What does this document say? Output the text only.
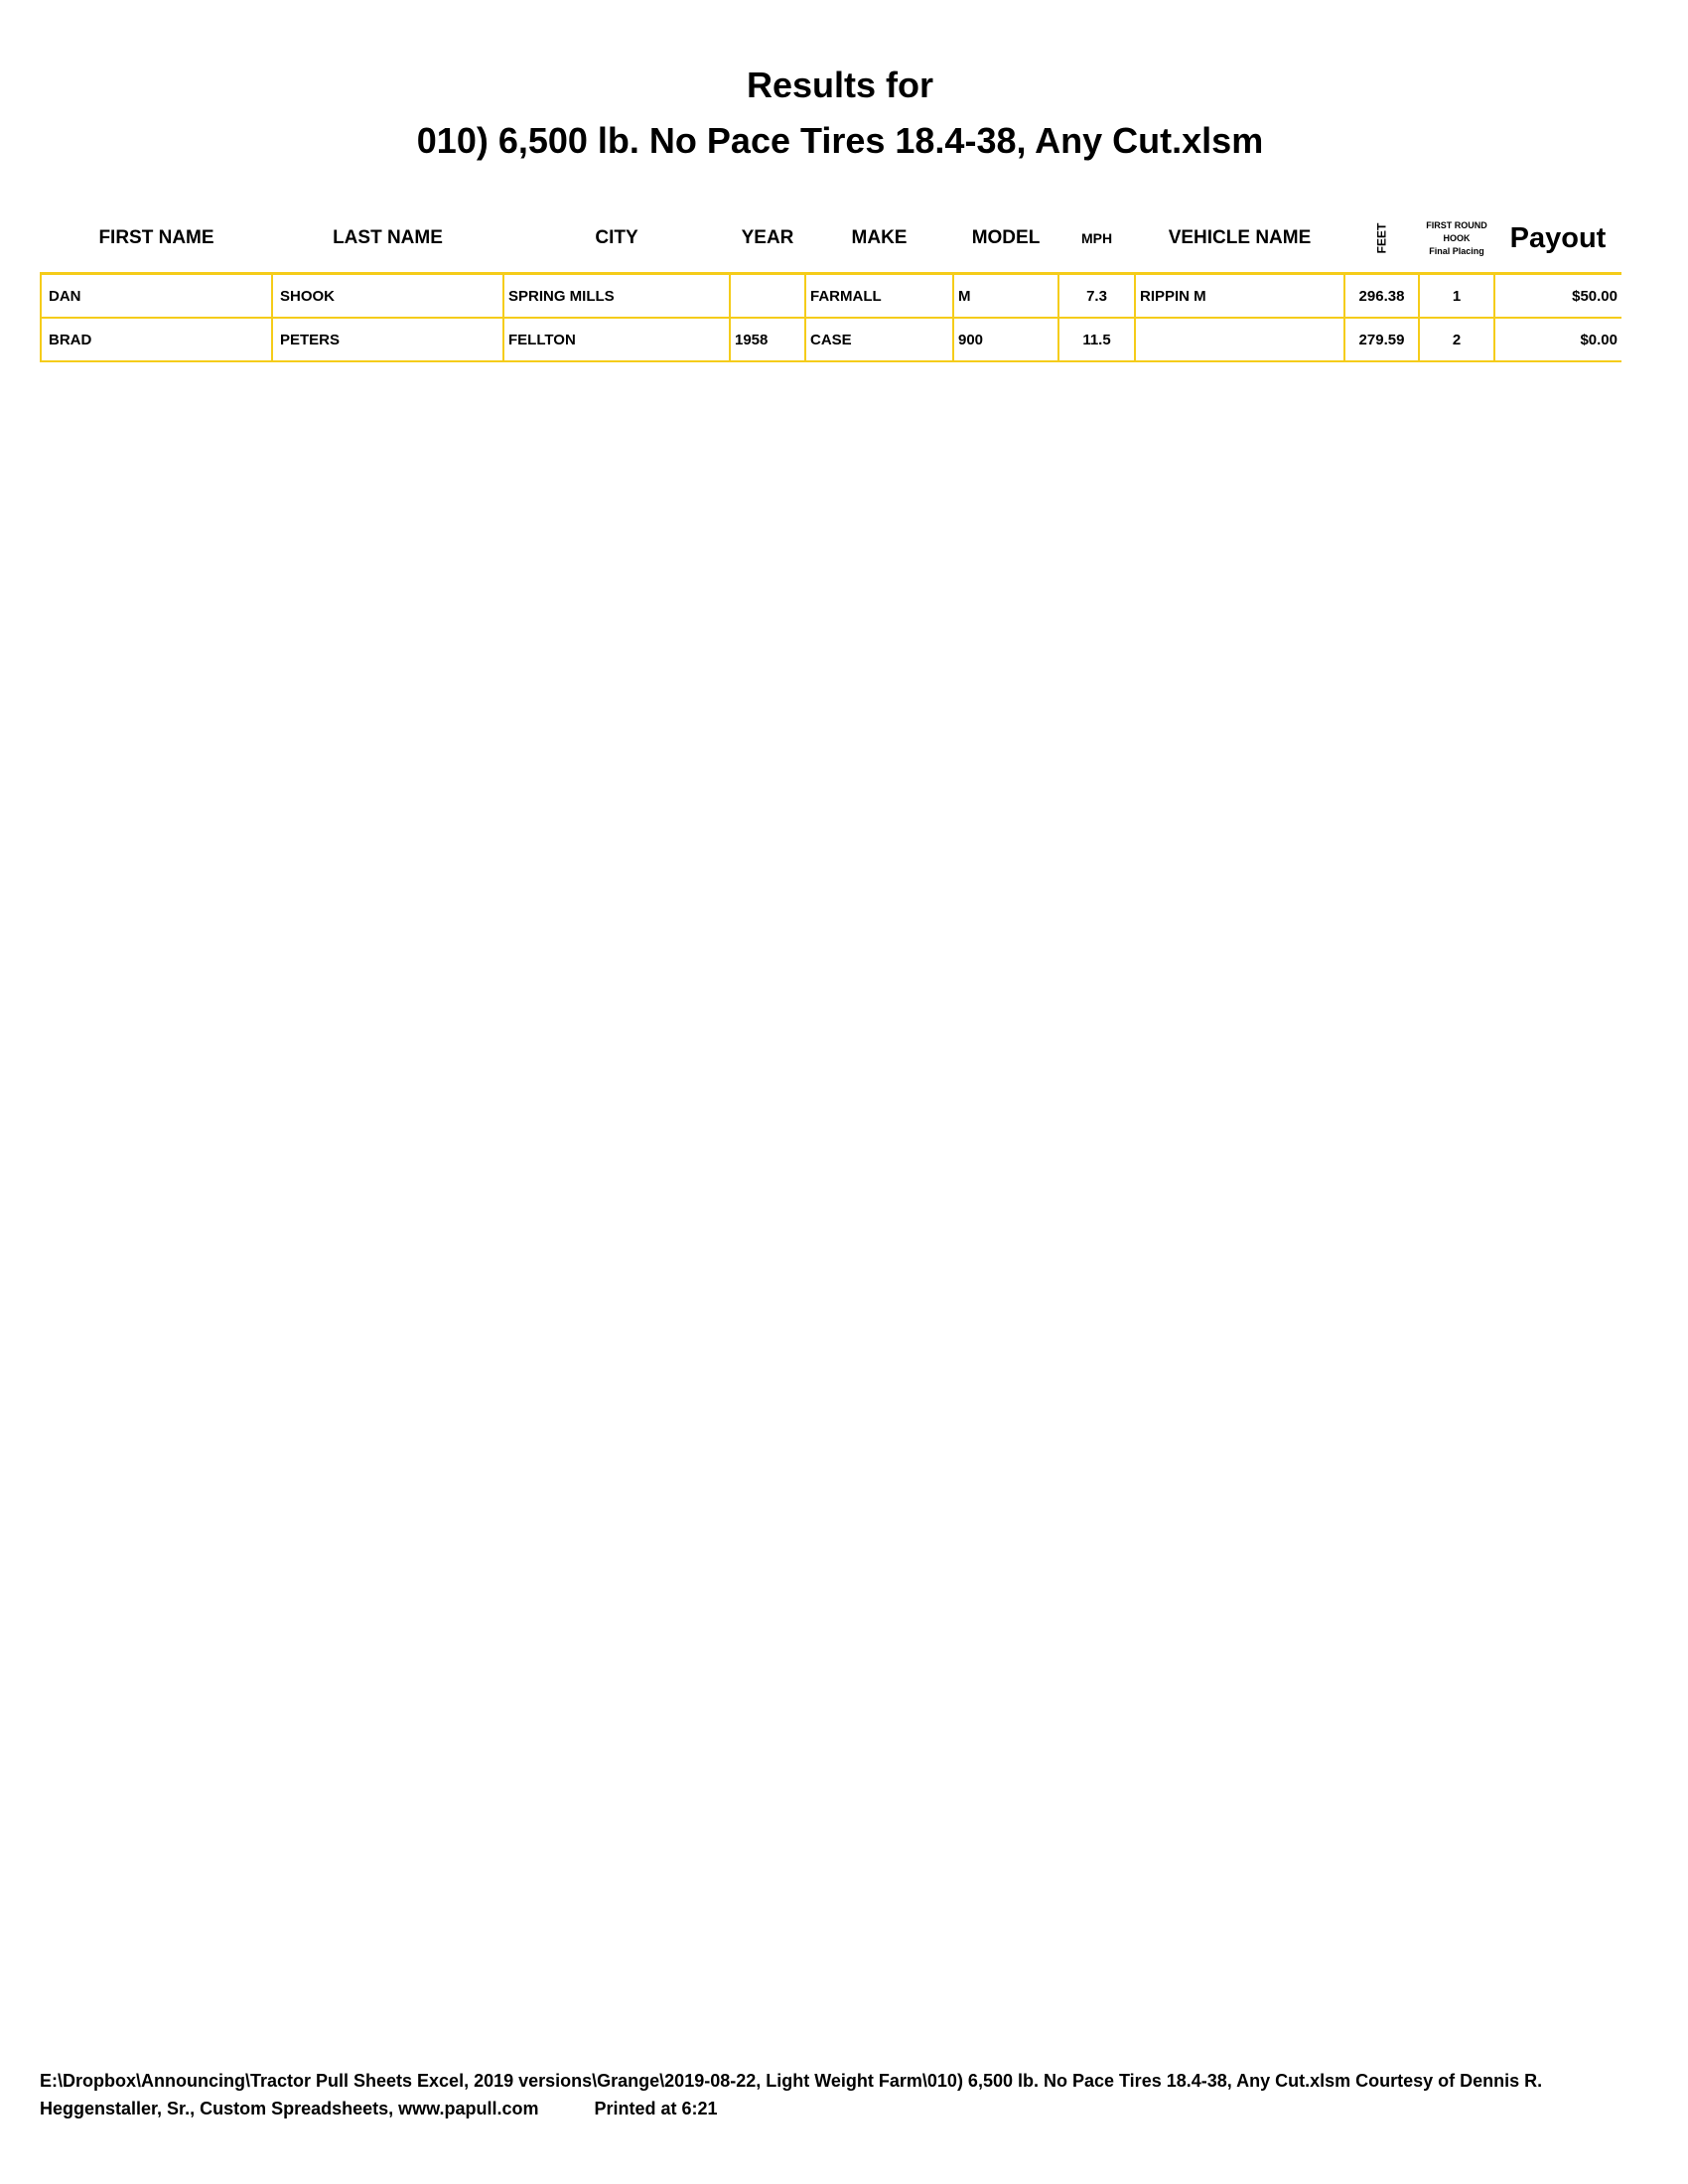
Results for
010) 6,500 lb. No Pace Tires 18.4-38, Any Cut.xlsm
FIRST NAME	LAST NAME	CITY	YEAR	MAKE	MODEL	MPH	VEHICLE NAME	FEET	FIRST ROUND
HOOK
Final Placing	Payout
DAN	SHOOK	SPRING MILLS		FARMALL	M	7.3	RIPPIN M	296.38	1	$50.00
BRAD	PETERS	FELLTON	1958	CASE	900	11.5		279.59	2	$0.00
E:\Dropbox\Announcing\Tractor Pull Sheets Excel, 2019 versions\Grange\2019-08-22, Light Weight Farm\010) 6,500 lb. No Pace Tires 18.4-38, Any Cut.xlsm Courtesy of Dennis R. Heggenstaller, Sr., Custom Spreadsheets, www.papull.com	Printed at 6:21
